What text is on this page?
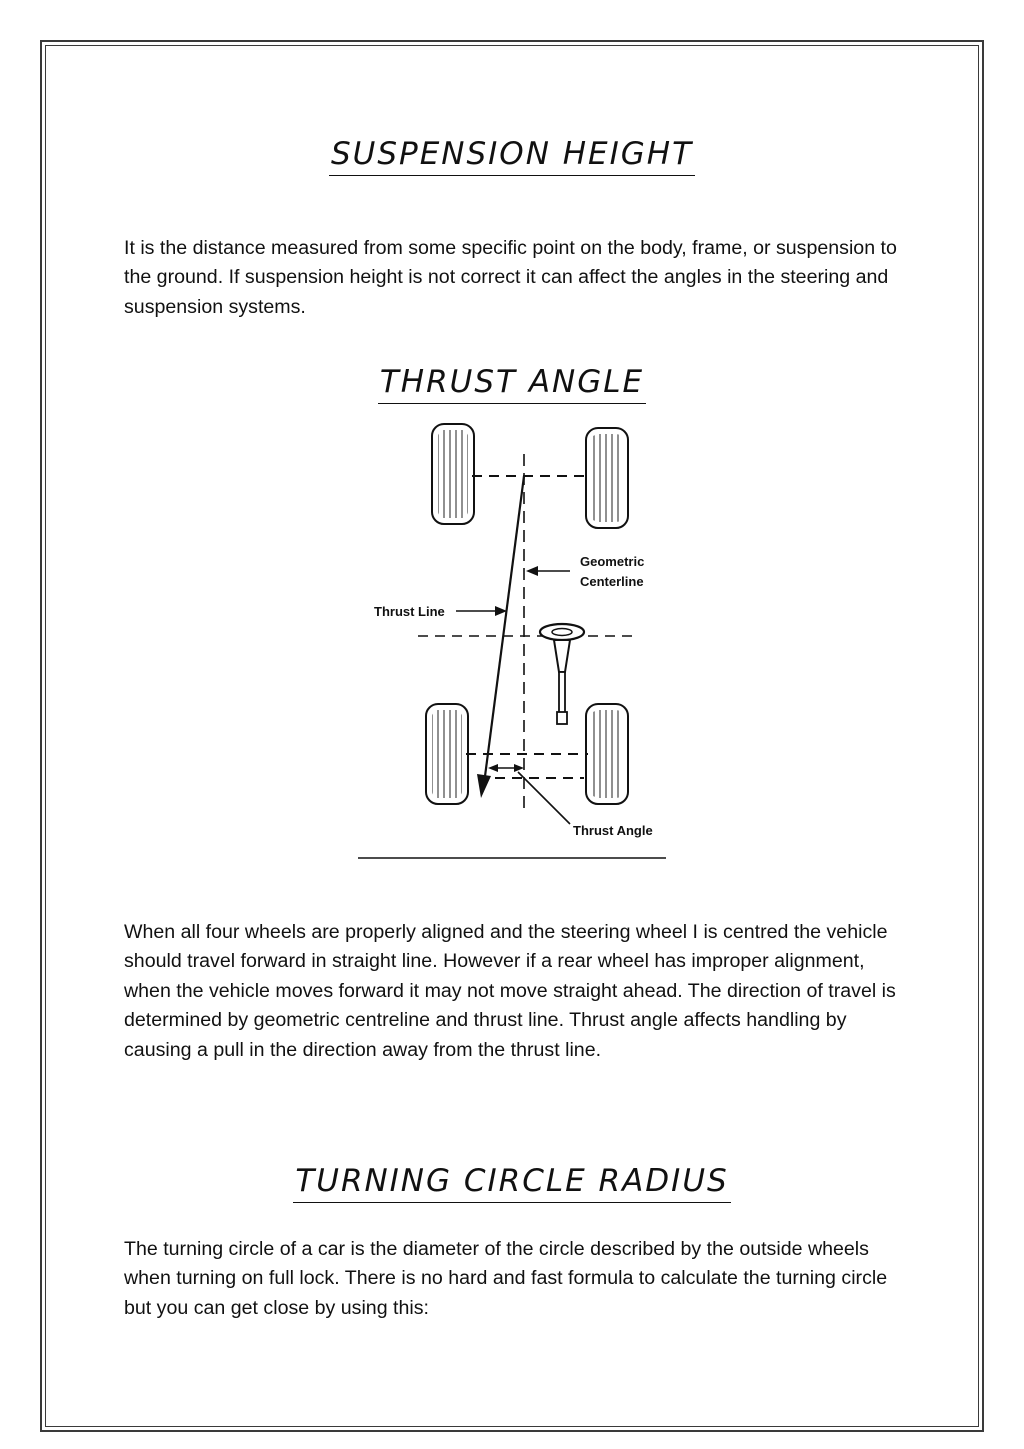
SUSPENSION HEIGHT

It is the distance measured from some specific point on the body, frame, or suspension to the ground. If suspension height is not correct it can affect the angles in the steering and suspension systems.

THRUST ANGLE
Geometric
Centerline
Thrust Line
Thrust Angle

When all four wheels are properly aligned and the steering wheel I is centred the vehicle should travel forward in straight line. However if a rear wheel has improper alignment, when the vehicle moves forward it may not move straight ahead. The direction of travel is determined by geometric centreline and thrust line. Thrust angle affects handling by causing a pull in the direction away from the thrust line.

TURNING CIRCLE RADIUS

The turning circle of a car is the diameter of the circle described by the outside wheels when turning on full lock. There is no hard and fast formula to calculate the turning circle but you can get close by using this:
